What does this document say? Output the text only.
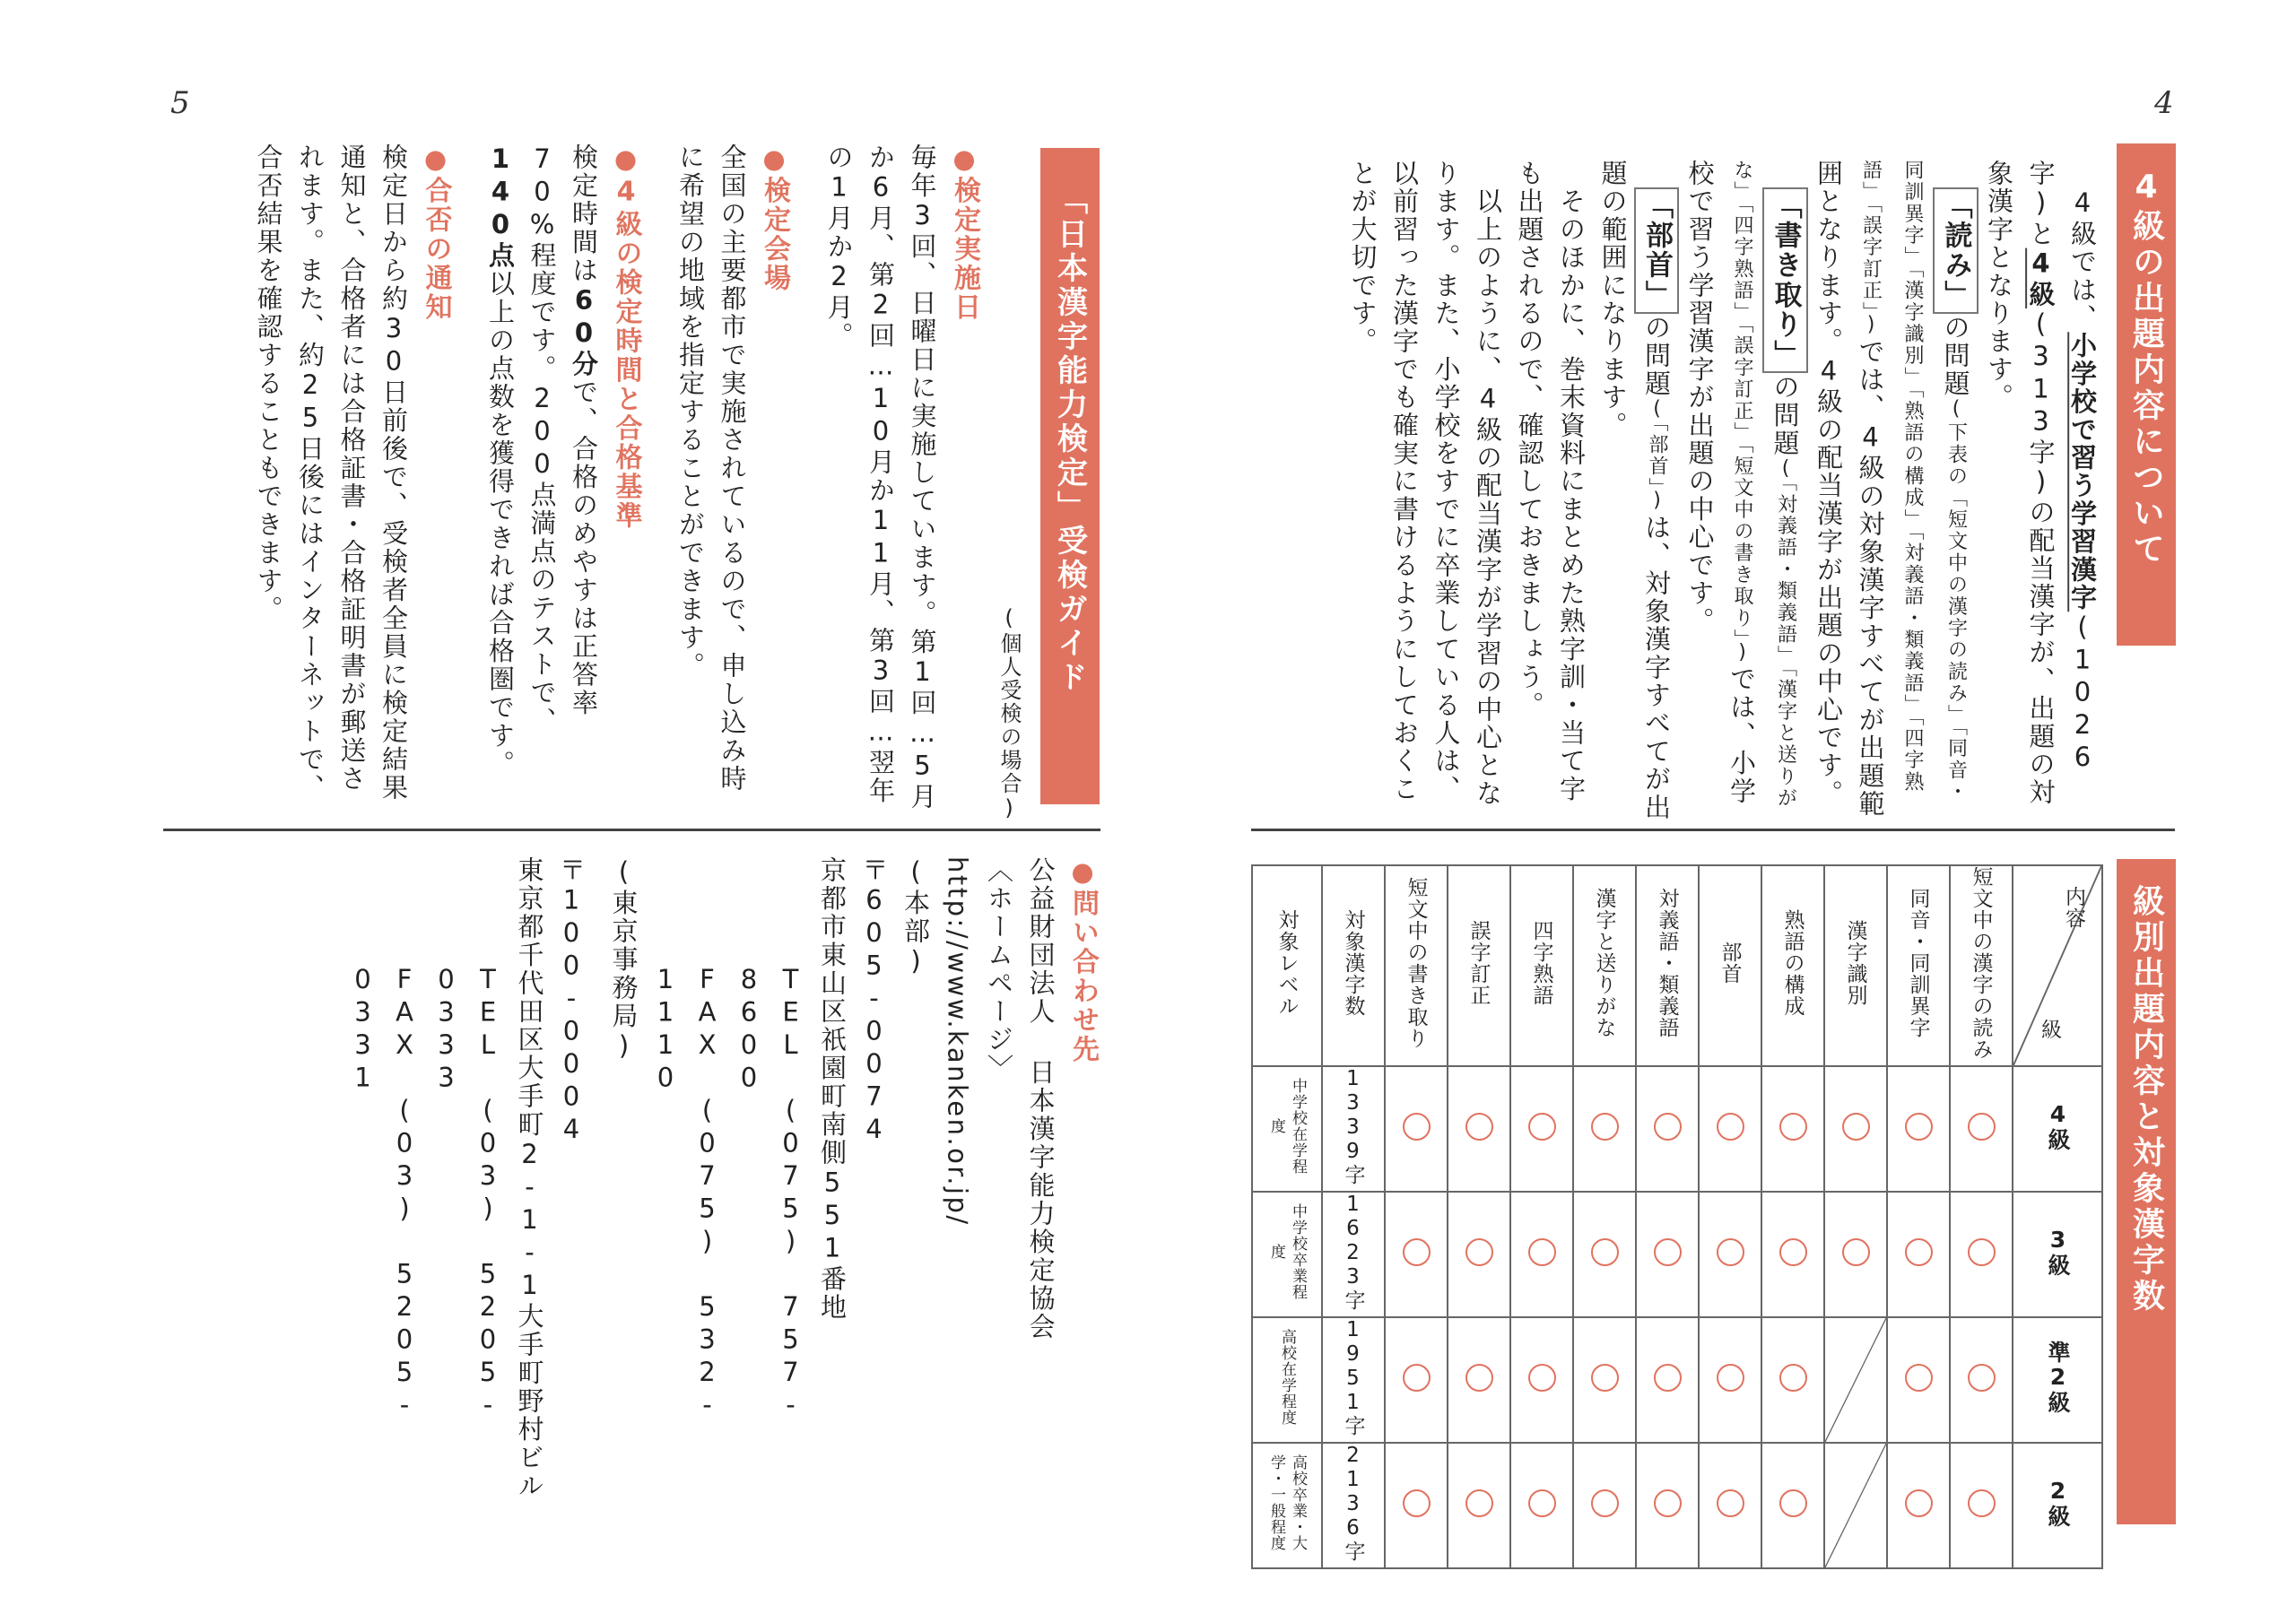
5	4
4級の出題内容について

　4級では、小学校で習う学習漢字(1026字)と4級(313字)の配当漢字が、出題の対象漢字となります。

　「読み」の問題(下表の「短文中の漢字の読み」「同音・同訓異字」「漢字識別」「熟語の構成」「対義語・類義語」「四字熟語」「誤字訂正」)では、4級の対象漢字すべてが出題範囲となります。4級の配当漢字が出題の中心です。

　「書き取り」の問題(「対義語・類義語」「漢字と送りがな」「四字熟語」「誤字訂正」「短文中の書き取り」)では、小学校で習う学習漢字が出題の中心です。

　「部首」の問題(「部首」)は、対象漢字すべてが出題の範囲になります。

　そのほかに、巻末資料にまとめた熟字訓・当て字も出題されるので、確認しておきましょう。

　以上のように、4級の配当漢字が学習の中心となります。また、小学校をすでに卒業している人は、以前習った漢字でも確実に書けるようにしておくことが大切です。

級別出題内容と対象漢字数
対象レベル	対象漢字数	短文中の書き取り	誤字訂正	四字熟語	漢字と送りがな	対義語・類義語	部首	熟語の構成	漢字識別	同音・同訓異字	短文中の漢字の読み	内容
級

中学校在学程度	1339字											4級
中学校卒業程度	1623字											3級
高校在学程度	1951字											準2級
高校卒業・大学・一般程度	2136字											2級
「日本漢字能力検定」受検ガイド
(個人受検の場合)
●検定実施日

毎年3回、日曜日に実施しています。第1回…5月か6月、第2回…10月か11月、第3回…翌年の1月か2月。

●検定会場

全国の主要都市で実施されているので、申し込み時に希望の地域を指定することができます。

●4級の検定時間と合格基準

検定時間は60分で、合格のめやすは正答率70%程度です。200点満点のテストで、140点以上の点数を獲得できれば合格圏です。

●合否の通知

検定日から約30日前後で、受検者全員に検定結果通知と、合格者には合格証書・合格証明書が郵送されます。また、約25日後にはインターネットで、合否結果を確認することもできます。

●問い合わせ先
公益財団法人 日本漢字能力検定協会
〈ホームページ〉
http://www.kanken.or.jp/
(本部)
〒605-0074
京都市東山区祇園町南側551番地
TEL (075) 757-8600
FAX (075) 532-1110
(東京事務局)
〒100-0004
東京都千代田区大手町2-1-1大手町野村ビル
TEL (03) 5205-0333
FAX (03) 5205-0331
